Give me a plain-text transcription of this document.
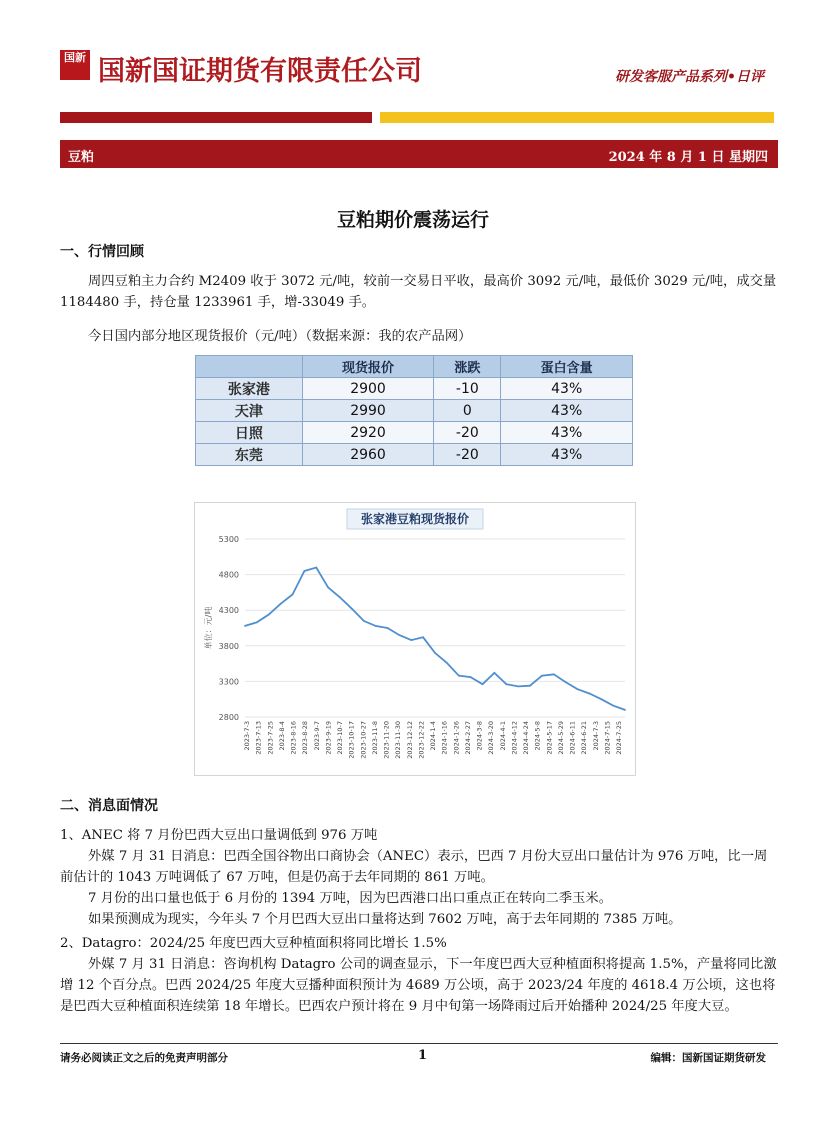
国新 国新国证期货有限责任公司	研发客服产品系列•日评
豆粕	2024 年 8 月 1 日 星期四
豆粕期价震荡运行
一、行情回顾
周四豆粕主力合约 M2409 收于 3072 元/吨，较前一交易日平收，最高价 3092 元/吨，最低价 3029 元/吨，成交量 1184480 手，持仓量 1233961 手，增-33049 手。
今日国内部分地区现货报价（元/吨）（数据来源：我的农产品网）
	现货报价	涨跌	蛋白含量
张家港	2900	-10	43%
天津	2990	0	43%
日照	2920	-20	43%
东莞	2960	-20	43%
张家港豆粕现货报价
2800
3300
3800
4300
4800
5300
单位：元/吨
2023-7-3 2023-7-13 2023-7-25 2023-8-4 2023-8-16 2023-8-28 2023-9-7 2023-9-19 2023-10-7 2023-10-17 2023-10-27 2023-11-8 2023-11-20 2023-11-30 2023-12-12 2023-12-22 2024-1-4 2024-1-16 2024-1-26 2024-2-27 2024-3-8 2024-3-20 2024-4-1 2024-4-12 2024-4-24 2024-5-8 2024-5-17 2024-5-29 2024-6-11 2024-6-21 2024-7-3 2024-7-15 2024-7-25
二、消息面情况
1、ANEC 将 7 月份巴西大豆出口量调低到 976 万吨
外媒 7 月 31 日消息：巴西全国谷物出口商协会（ANEC）表示，巴西 7 月份大豆出口量估计为 976 万吨，比一周前估计的 1043 万吨调低了 67 万吨，但是仍高于去年同期的 861 万吨。
7 月份的出口量也低于 6 月份的 1394 万吨，因为巴西港口出口重点正在转向二季玉米。
如果预测成为现实，今年头 7 个月巴西大豆出口量将达到 7602 万吨，高于去年同期的 7385 万吨。
2、Datagro：2024/25 年度巴西大豆种植面积将同比增长 1.5%
外媒 7 月 31 日消息：咨询机构 Datagro 公司的调查显示，下一年度巴西大豆种植面积将提高 1.5%，产量将同比激增 12 个百分点。巴西 2024/25 年度大豆播种面积预计为 4689 万公顷，高于 2023/24 年度的 4618.4 万公顷，这也将是巴西大豆种植面积连续第 18 年增长。巴西农户预计将在 9 月中旬第一场降雨过后开始播种 2024/25 年度大豆。
请务必阅读正文之后的免责声明部分	1	编辑：国新国证期货研发
